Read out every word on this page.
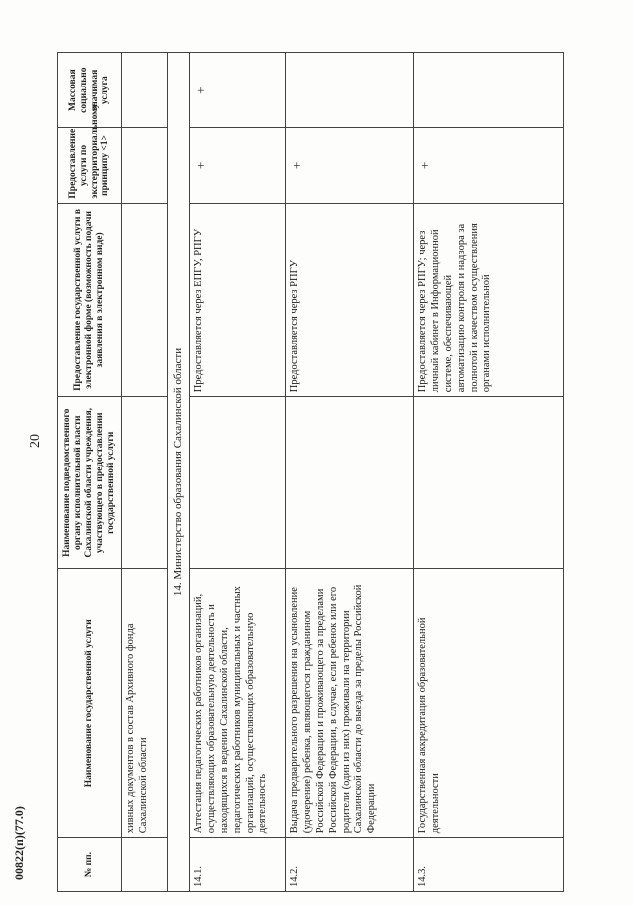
20
№ пп.	Наименование государственной услуги	Наименование подведомственного органу исполнительной власти Сахалинской области учреждения, участвующего в предоставлении государственной услуги	Предоставление государственной услуги в электронной форме (возможность подачи заявления в электронном виде)	Предоставление услуги по экстерриториальному принципу <1>	Массовая социально значимая услуга
	хивных документов в состав Архивного фонда Сахалинской области				
14. Министерство образования Сахалинской области					
14.1.	Аттестация педагогических работников организаций, осуществляющих образовательную деятельность и находящихся в ведении Сахалинской области, педагогических работников муниципальных и частных организаций, осуществляющих образовательную деятельность		Предоставляется через ЕПГУ, РПГУ	+	+
14.2.	Выдача предварительного разрешения на усыновление (удочерение) ребенка, являющегося гражданином Российской Федерации и проживающего за пределами Российской Федерации, в случае, если ребенок или его родители (один из них) проживали на территории Сахалинской области до выезда за пределы Российской Федерации		Предоставляется через РПГУ	+	
14.3.	Государственная аккредитация образовательной деятельности		Предоставляется через РПГУ; через личный кабинет в Информационной системе, обеспечивающей автоматизацию контроля и надзора за полнотой и качеством осуществления органами исполнительной	+	
00822(п)(77.0)
